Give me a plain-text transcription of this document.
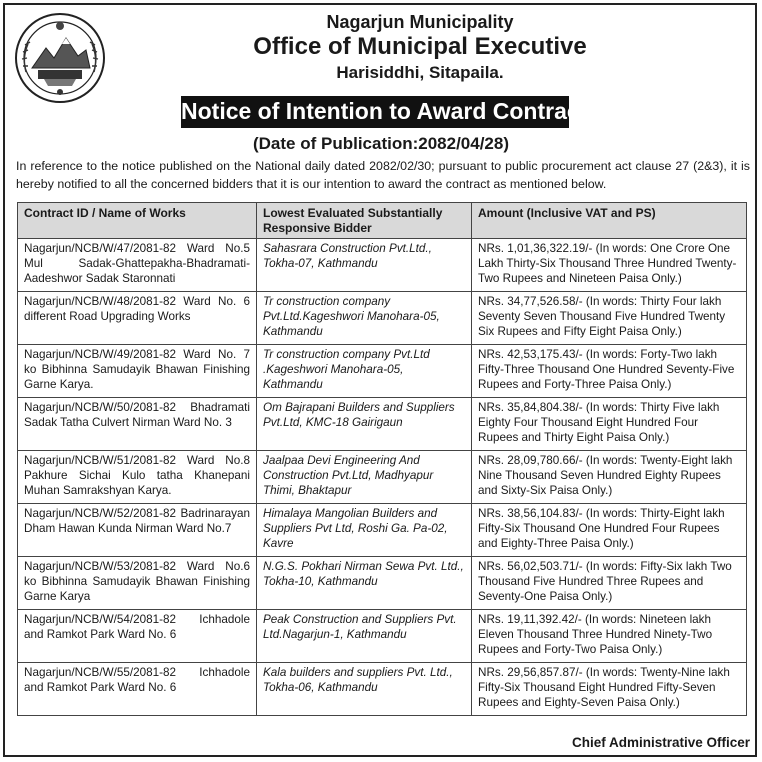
Nagarjun Municipality
Office of Municipal Executive
Harisiddhi, Sitapaila.
Notice of Intention to Award Contract
(Date of Publication:2082/04/28)
In reference to the notice published on the National daily dated 2082/02/30; pursuant to public procurement act clause 27 (2&3), it is hereby notified to all the concerned bidders that it is our intention to award the contract as mentioned below.
Contract ID / Name of Works	Lowest Evaluated Substantially Responsive Bidder	Amount (Inclusive VAT and PS)
Nagarjun/NCB/W/47/2081-82 Ward No.5 Mul Sadak-Ghattepakha-Bhadramati-Aadeshwor Sadak Staronnati	Sahasrara Construction Pvt.Ltd., Tokha-07, Kathmandu	NRs. 1,01,36,322.19/- (In words: One Crore One Lakh Thirty-Six Thousand Three Hundred Twenty-Two Rupees and Nineteen Paisa Only.)
Nagarjun/NCB/W/48/2081-82 Ward No. 6 different Road Upgrading Works	Tr construction company Pvt.Ltd.Kageshwori Manohara-05, Kathmandu	NRs. 34,77,526.58/- (In words: Thirty Four lakh Seventy Seven Thousand Five Hundred Twenty Six Rupees and Fifty Eight Paisa Only.)
Nagarjun/NCB/W/49/2081-82 Ward No. 7 ko Bibhinna Samudayik Bhawan Finishing Garne Karya.	Tr construction company Pvt.Ltd .Kageshwori Manohara-05, Kathmandu	NRs. 42,53,175.43/- (In words: Forty-Two lakh Fifty-Three Thousand One Hundred Seventy-Five Rupees and Forty-Three Paisa Only.)
Nagarjun/NCB/W/50/2081-82 Bhadramati Sadak Tatha Culvert Nirman Ward No. 3	Om Bajrapani Builders and Suppliers Pvt.Ltd, KMC-18 Gairigaun	NRs. 35,84,804.38/- (In words: Thirty Five lakh Eighty Four Thousand Eight Hundred Four Rupees and Thirty Eight Paisa Only.)
Nagarjun/NCB/W/51/2081-82 Ward No.8 Pakhure Sichai Kulo tatha Khanepani Muhan Samrakshyan Karya.	Jaalpaa Devi Engineering And Construction Pvt.Ltd, Madhyapur Thimi, Bhaktapur	NRs. 28,09,780.66/- (In words: Twenty-Eight lakh Nine Thousand Seven Hundred Eighty Rupees and Sixty-Six Paisa Only.)
Nagarjun/NCB/W/52/2081-82 Badrinarayan Dham Hawan Kunda Nirman Ward No.7	Himalaya Mangolian Builders and Suppliers Pvt Ltd, Roshi Ga. Pa-02, Kavre	NRs. 38,56,104.83/- (In words: Thirty-Eight lakh Fifty-Six Thousand One Hundred Four Rupees and Eighty-Three Paisa Only.)
Nagarjun/NCB/W/53/2081-82 Ward No.6 ko Bibhinna Samudayik Bhawan Finishing Garne Karya	N.G.S. Pokhari Nirman Sewa Pvt. Ltd., Tokha-10, Kathmandu	NRs. 56,02,503.71/- (In words: Fifty-Six lakh Two Thousand Five Hundred Three Rupees and Seventy-One Paisa Only.)
Nagarjun/NCB/W/54/2081-82 Ichhadole and Ramkot Park Ward No. 6	Peak Construction and Suppliers Pvt. Ltd.Nagarjun-1, Kathmandu	NRs. 19,11,392.42/- (In words: Nineteen lakh Eleven Thousand Three Hundred Ninety-Two Rupees and Forty-Two Paisa Only.)
Nagarjun/NCB/W/55/2081-82 Ichhadole and Ramkot Park Ward No. 6	Kala builders and suppliers Pvt. Ltd., Tokha-06, Kathmandu	NRs. 29,56,857.87/- (In words: Twenty-Nine lakh Fifty-Six Thousand Eight Hundred Fifty-Seven Rupees and Eighty-Seven Paisa Only.)
Chief Administrative Officer
